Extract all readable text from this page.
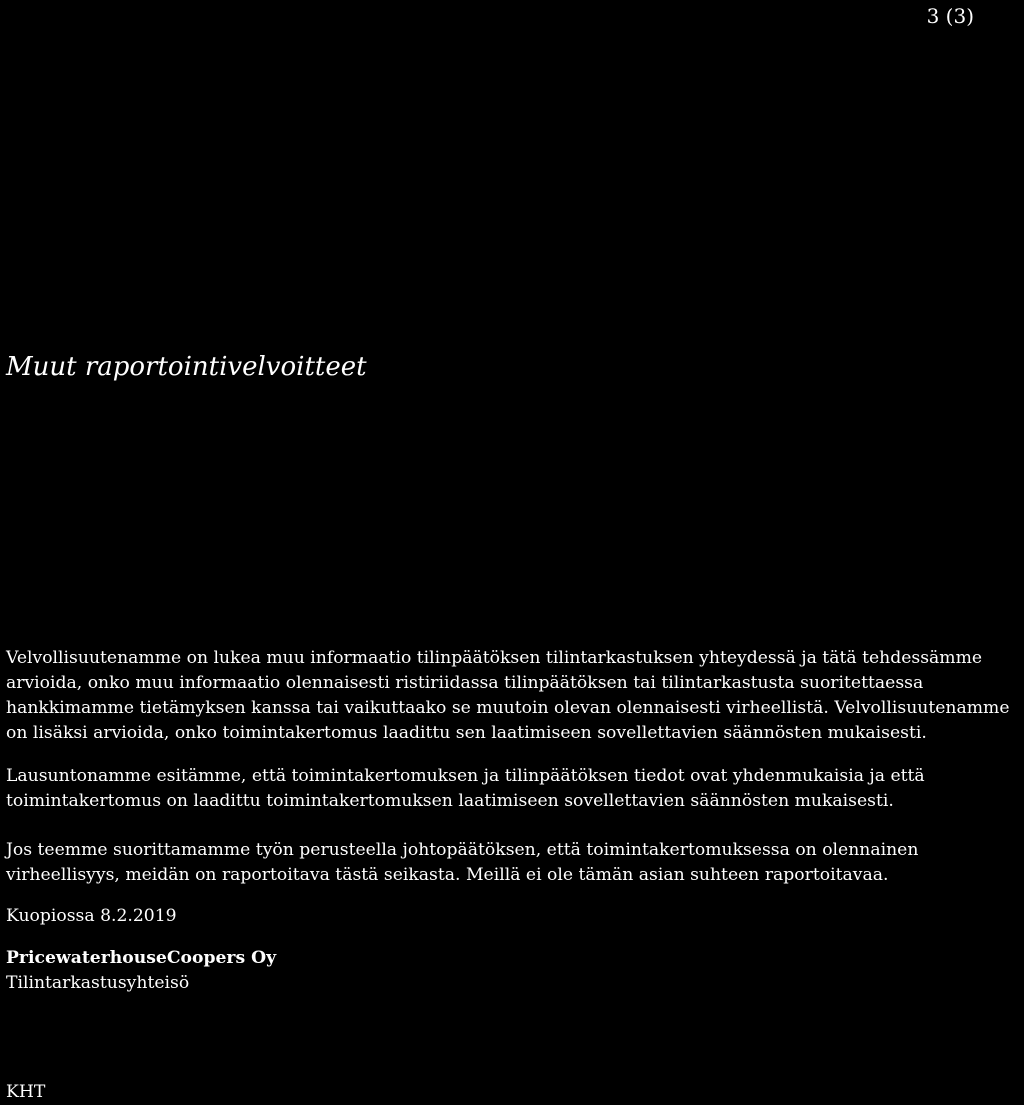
3 (3)
Muut raportointivelvoitteet

Velvollisuutenamme on lukea muu informaatio tilinpäätöksen tilintarkastuksen yhteydessä ja tätä tehdessämme arvioida, onko muu informaatio olennaisesti ristiriidassa tilinpäätöksen tai tilintarkastusta suoritettaessa hankkimamme tietämyksen kanssa tai vaikuttaako se muutoin olevan olennaisesti virheellistä. Velvollisuutenamme on lisäksi arvioida, onko toimintakertomus laadittu sen laatimiseen sovellettavien säännösten mukaisesti.

Lausuntonamme esitämme, että toimintakertomuksen ja tilinpäätöksen tiedot ovat yhdenmukaisia ja että toimintakertomus on laadittu toimintakertomuksen laatimiseen sovellettavien säännösten mukaisesti.

Jos teemme suorittamamme työn perusteella johtopäätöksen, että toimintakertomuksessa on olennainen virheellisyys, meidän on raportoitava tästä seikasta. Meillä ei ole tämän asian suhteen raportoitavaa.

Kuopiossa 8.2.2019
PricewaterhouseCoopers Oy
Tilintarkastusyhteisö
KHT
